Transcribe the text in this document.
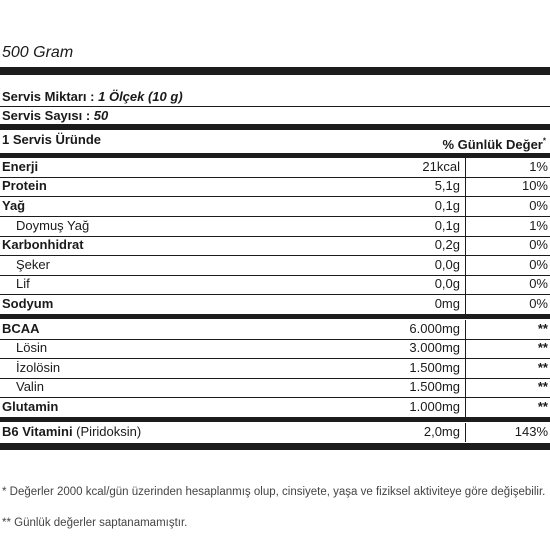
500 Gram
Servis Miktarı : 1 Ölçek (10 g)
Servis Sayısı : 50
1 Servis Üründe	% Günlük Değer*
Enerji	21kcal	1%
Protein	5,1g	10%
Yağ	0,1g	0%
Doymuş Yağ	0,1g	1%
Karbonhidrat	0,2g	0%
Şeker	0,0g	0%
Lif	0,0g	0%
Sodyum	0mg	0%
BCAA	6.000mg	**
Lösin	3.000mg	**
İzolösin	1.500mg	**
Valin	1.500mg	**
Glutamin	1.000mg	**
B6 Vitamini (Piridoksin)	2,0mg	143%
* Değerler 2000 kcal/gün üzerinden hesaplanmış olup, cinsiyete, yaşa ve fiziksel aktiviteye göre değişebilir.
** Günlük değerler saptanamamıştır.
